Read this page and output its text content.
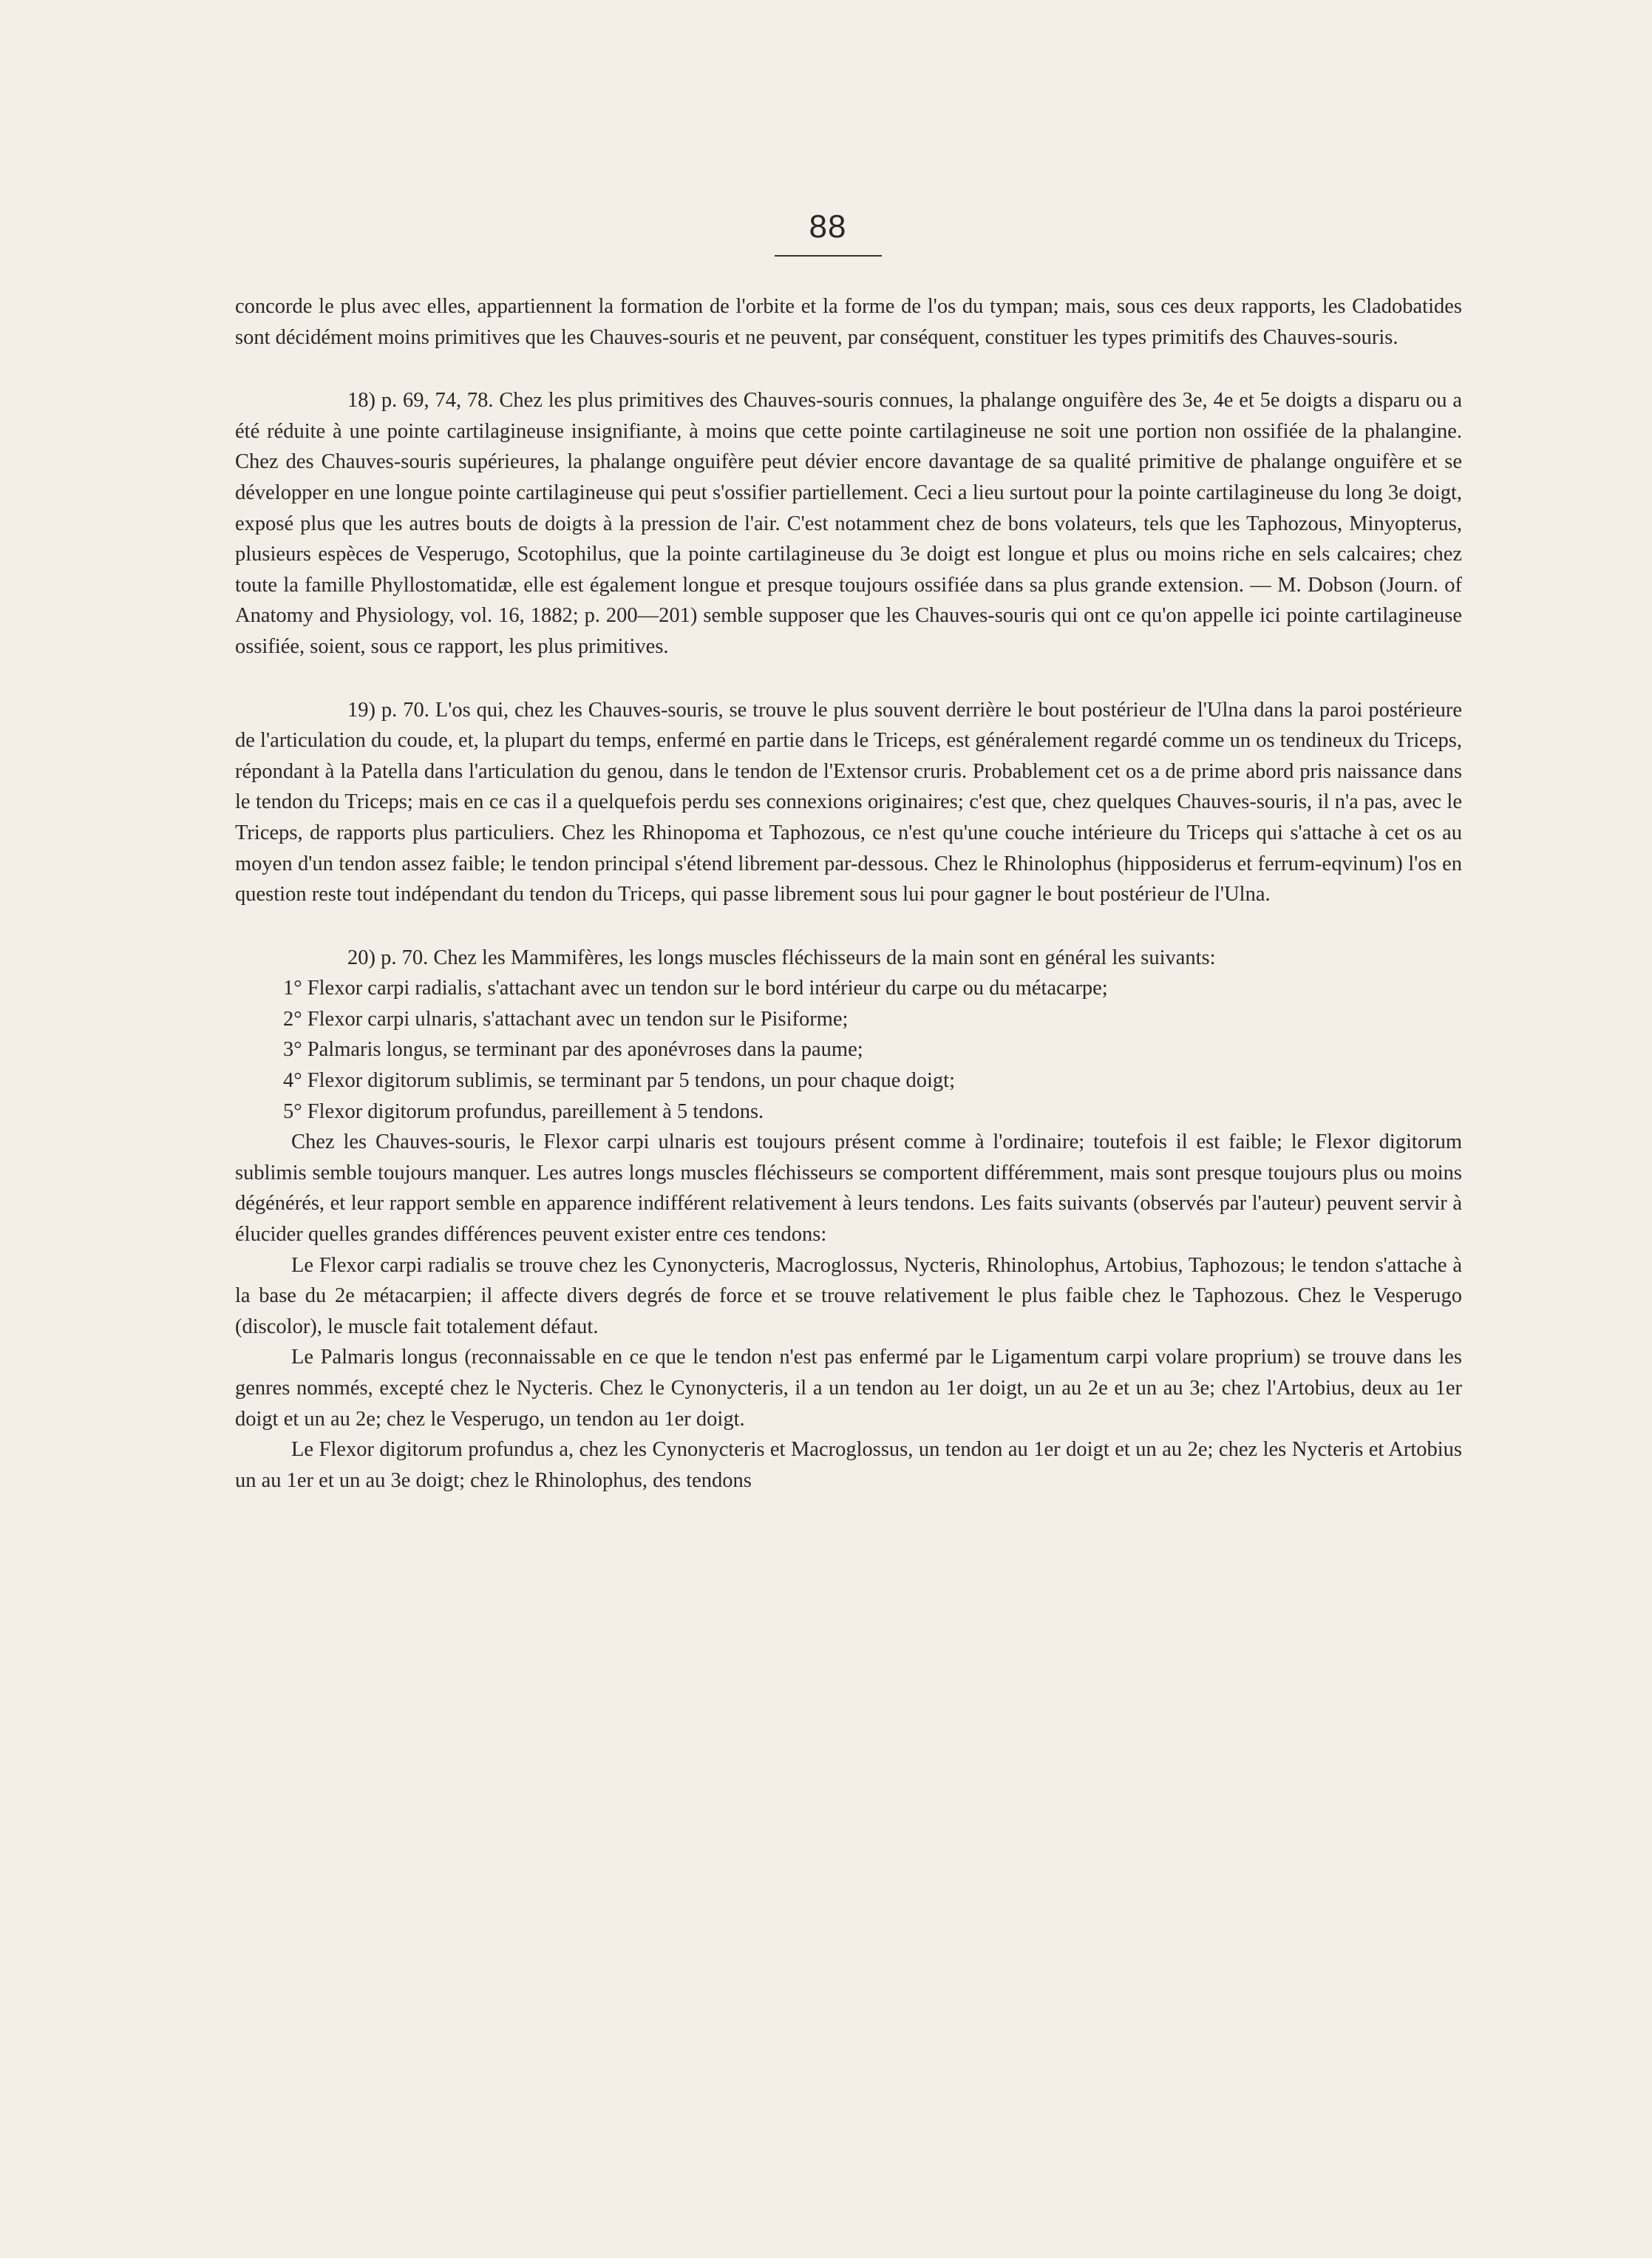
88

concorde le plus avec elles, appartiennent la formation de l'orbite et la forme de l'os du tympan; mais, sous ces deux rapports, les Cladobatides sont décidément moins primitives que les Chauves-souris et ne peuvent, par conséquent, constituer les types primitifs des Chauves-souris.

18) p. 69, 74, 78. Chez les plus primitives des Chauves-souris connues, la phalange onguifère des 3e, 4e et 5e doigts a disparu ou a été réduite à une pointe cartilagineuse insignifiante, à moins que cette pointe cartilagineuse ne soit une portion non ossifiée de la phalangine. Chez des Chauves-souris supérieures, la phalange onguifère peut dévier encore davantage de sa qualité primitive de phalange onguifère et se développer en une longue pointe cartilagineuse qui peut s'ossifier partiellement. Ceci a lieu surtout pour la pointe cartilagineuse du long 3e doigt, exposé plus que les autres bouts de doigts à la pression de l'air. C'est notamment chez de bons volateurs, tels que les Taphozous, Minyopterus, plusieurs espèces de Vesperugo, Scotophilus, que la pointe cartilagineuse du 3e doigt est longue et plus ou moins riche en sels calcaires; chez toute la famille Phyllostomatidæ, elle est également longue et presque toujours ossifiée dans sa plus grande extension. — M. Dobson (Journ. of Anatomy and Physiology, vol. 16, 1882; p. 200—201) semble supposer que les Chauves-souris qui ont ce qu'on appelle ici pointe cartilagineuse ossifiée, soient, sous ce rapport, les plus primitives.

19) p. 70. L'os qui, chez les Chauves-souris, se trouve le plus souvent derrière le bout postérieur de l'Ulna dans la paroi postérieure de l'articulation du coude, et, la plupart du temps, enfermé en partie dans le Triceps, est généralement regardé comme un os tendineux du Triceps, répondant à la Patella dans l'articulation du genou, dans le tendon de l'Extensor cruris. Probablement cet os a de prime abord pris naissance dans le tendon du Triceps; mais en ce cas il a quelquefois perdu ses connexions originaires; c'est que, chez quelques Chauves-souris, il n'a pas, avec le Triceps, de rapports plus particuliers. Chez les Rhinopoma et Taphozous, ce n'est qu'une couche intérieure du Triceps qui s'attache à cet os au moyen d'un tendon assez faible; le tendon principal s'étend librement par-dessous. Chez le Rhinolophus (hipposiderus et ferrum-eqvinum) l'os en question reste tout indépendant du tendon du Triceps, qui passe librement sous lui pour gagner le bout postérieur de l'Ulna.

20) p. 70. Chez les Mammifères, les longs muscles fléchisseurs de la main sont en général les suivants:

1° Flexor carpi radialis, s'attachant avec un tendon sur le bord intérieur du carpe ou du métacarpe;

2° Flexor carpi ulnaris, s'attachant avec un tendon sur le Pisiforme;

3° Palmaris longus, se terminant par des aponévroses dans la paume;

4° Flexor digitorum sublimis, se terminant par 5 tendons, un pour chaque doigt;

5° Flexor digitorum profundus, pareillement à 5 tendons.

Chez les Chauves-souris, le Flexor carpi ulnaris est toujours présent comme à l'ordinaire; toutefois il est faible; le Flexor digitorum sublimis semble toujours manquer. Les autres longs muscles fléchisseurs se comportent différemment, mais sont presque toujours plus ou moins dégénérés, et leur rapport semble en apparence indifférent relativement à leurs tendons. Les faits suivants (observés par l'auteur) peuvent servir à élucider quelles grandes différences peuvent exister entre ces tendons:

Le Flexor carpi radialis se trouve chez les Cynonycteris, Macroglossus, Nycteris, Rhinolophus, Artobius, Taphozous; le tendon s'attache à la base du 2e métacarpien; il affecte divers degrés de force et se trouve relativement le plus faible chez le Taphozous. Chez le Vesperugo (discolor), le muscle fait totalement défaut.

Le Palmaris longus (reconnaissable en ce que le tendon n'est pas enfermé par le Ligamentum carpi volare proprium) se trouve dans les genres nommés, excepté chez le Nycteris. Chez le Cynonycteris, il a un tendon au 1er doigt, un au 2e et un au 3e; chez l'Artobius, deux au 1er doigt et un au 2e; chez le Vesperugo, un tendon au 1er doigt.

Le Flexor digitorum profundus a, chez les Cynonycteris et Macroglossus, un tendon au 1er doigt et un au 2e; chez les Nycteris et Artobius un au 1er et un au 3e doigt; chez le Rhinolophus, des tendons
